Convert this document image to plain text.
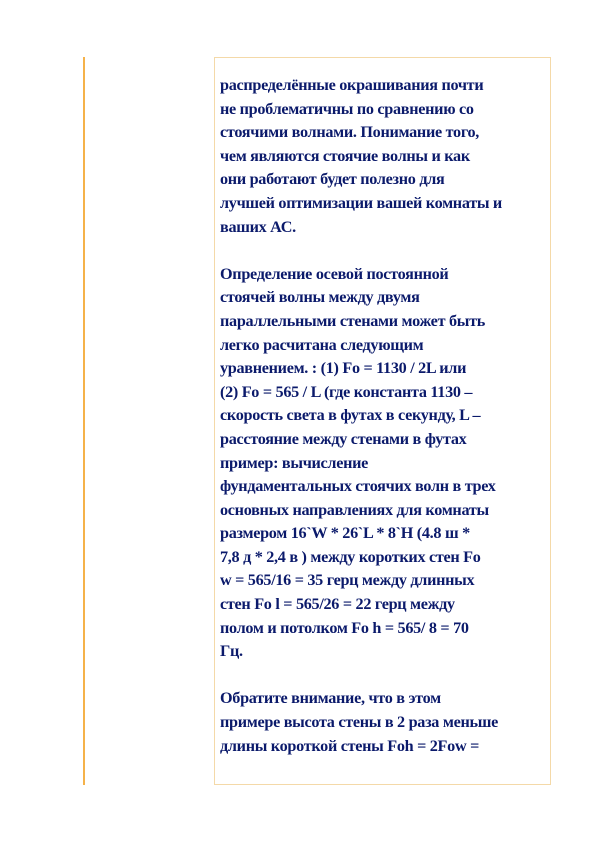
распределённые окрашивания почти
не проблематичны по сравнению со
стоячими волнами. Понимание того,
чем являются стоячие волны и как
они работают будет полезно для
лучшей оптимизации вашей комнаты и
ваших АС.

Определение осевой постоянной
стоячей волны между двумя
параллельными стенами может быть
легко расчитана следующим
уравнением. : (1) Fo = 1130 / 2L или
(2) Fo = 565 / L (где константа 1130 –
скорость света в футах в секунду, L –
расстояние между стенами в футах
пример: вычисление
фундаментальных стоячих волн в трех
основных направлениях для комнаты
размером 16`W * 26`L * 8`H (4.8 ш *
7,8 д * 2,4 в ) между коротких стен Fo
w = 565/16 = 35 герц между длинных
стен Fo l = 565/26 = 22 герц между
полом и потолком Fo h = 565/ 8 = 70
Гц.

Обратите внимание, что в этом
примере высота стены в 2 раза меньше
длины короткой стены Foh = 2Fow =
